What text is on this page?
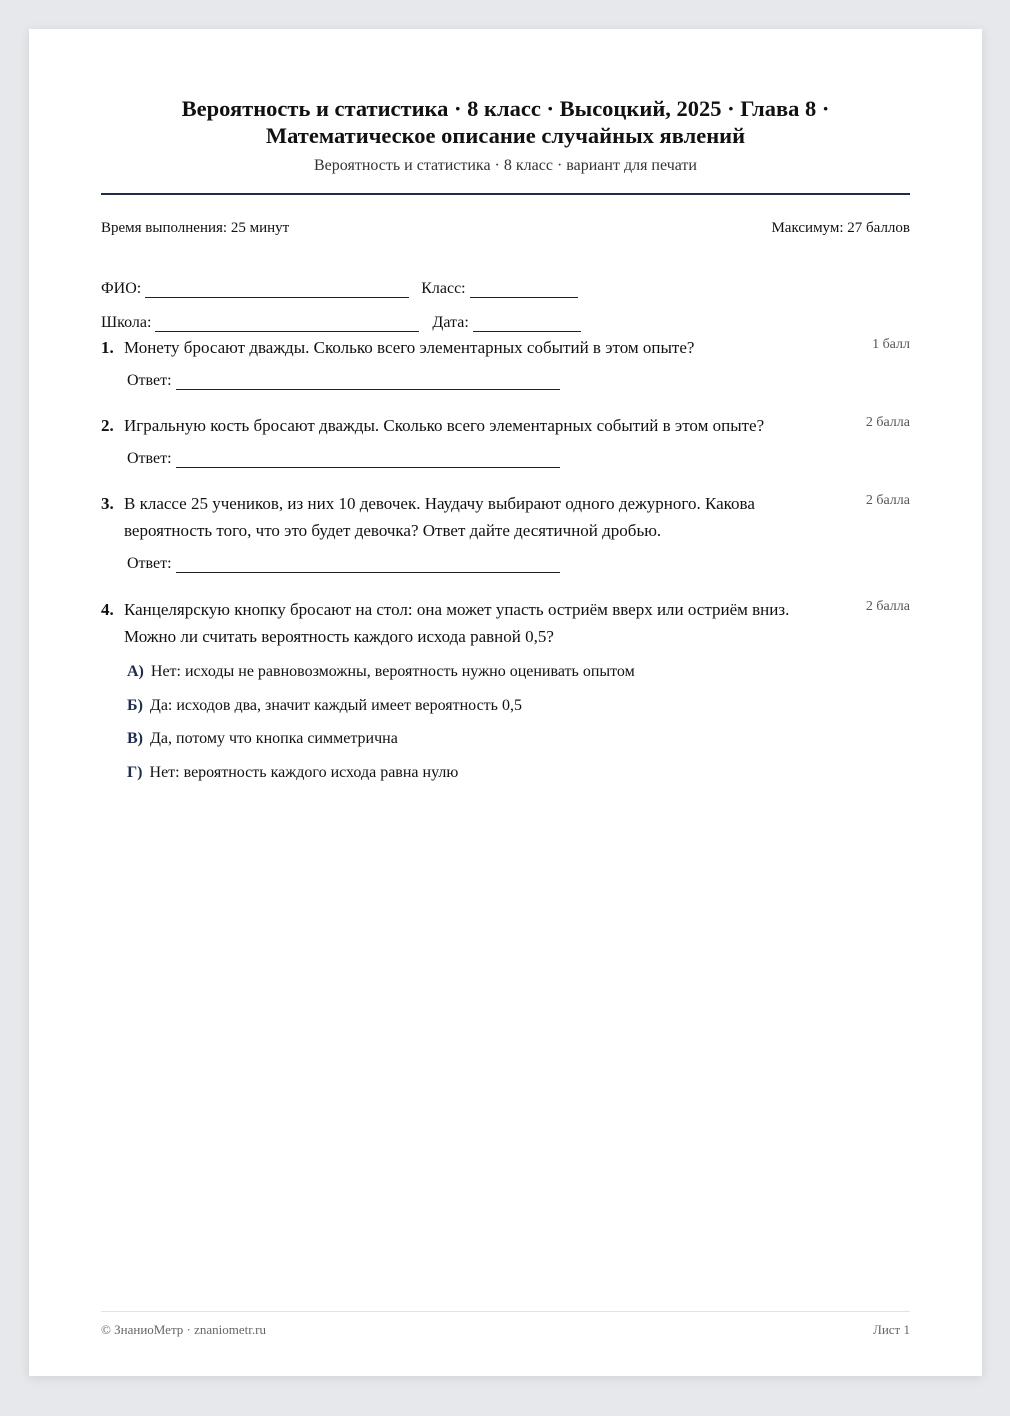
Вероятность и статистика · 8 класс · Высоцкий, 2025 · Глава 8 · Математическое описание случайных явлений
Вероятность и статистика · 8 класс · вариант для печати
Время выполнения: 25 минут	Максимум: 27 баллов
ФИО:	Класс:
Школа:	Дата:
1. Монету бросают дважды. Сколько всего элементарных событий в этом опыте?	1 балл
Ответ:
2. Игральную кость бросают дважды. Сколько всего элементарных событий в этом опыте?	2 балла
Ответ:
3. В классе 25 учеников, из них 10 девочек. Наудачу выбирают одного дежурного. Какова вероятность того, что это будет девочка? Ответ дайте десятичной дробью.
2 балла
Ответ:
4. Канцелярскую кнопку бросают на стол: она может упасть остриём вверх или остриём вниз. Можно ли считать вероятность каждого исхода равной 0,5?
2 балла
А) Нет: исходы не равновозможны, вероятность нужно оценивать опытом
Б) Да: исходов два, значит каждый имеет вероятность 0,5
В) Да, потому что кнопка симметрична
Г) Нет: вероятность каждого исхода равна нулю
© ЗнаниоМетр · znaniometr.ru	Лист 1
